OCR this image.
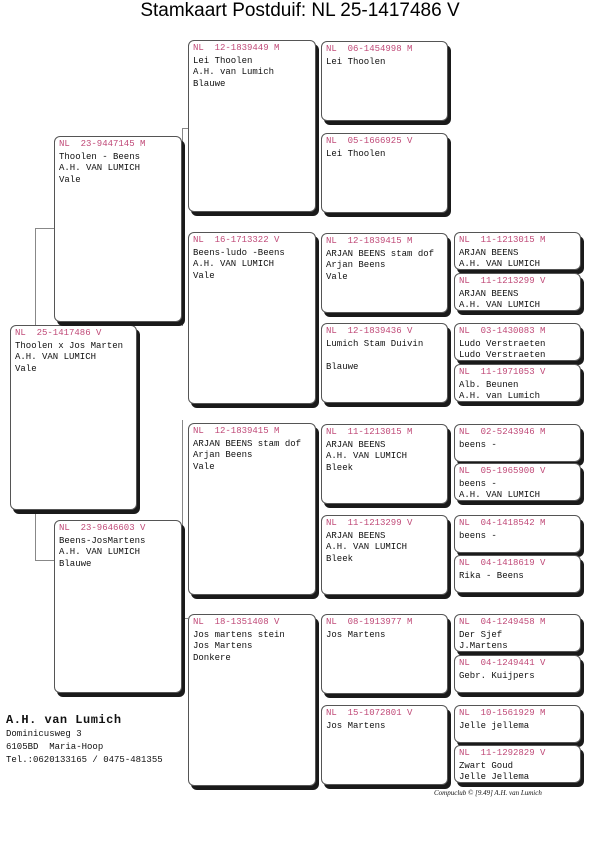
Stamkaart Postduif: NL 25-1417486 V
NL  25-1417486 V
Thoolen x Jos Marten
A.H. VAN LUMICH
Vale
NL  23-9447145 M
Thoolen - Beens
A.H. VAN LUMICH
Vale
NL  23-9646603 V
Beens-JosMartens
A.H. VAN LUMICH
Blauwe
NL  12-1839449 M
Lei Thoolen
A.H. van Lumich
Blauwe
NL  16-1713322 V
Beens-ludo -Beens
A.H. VAN LUMICH
Vale
NL  12-1839415 M
ARJAN BEENS stam dof
Arjan Beens
Vale
NL  18-1351408 V
Jos martens stein
Jos Martens
Donkere
NL  06-1454998 M
Lei Thoolen
NL  05-1666925 V
Lei Thoolen
NL  12-1839415 M
ARJAN BEENS stam dof
Arjan Beens
Vale
NL  12-1839436 V
Lumich Stam Duivin
Blauwe
NL  11-1213015 M
ARJAN BEENS
A.H. VAN LUMICH
Bleek
NL  11-1213299 V
ARJAN BEENS
A.H. VAN LUMICH
Bleek
NL  08-1913977 M
Jos Martens
NL  15-1072801 V
Jos Martens
NL  11-1213015 M
ARJAN BEENS
A.H. VAN LUMICH
NL  11-1213299 V
ARJAN BEENS
A.H. VAN LUMICH
NL  03-1430083 M
Ludo Verstraeten
Ludo Verstraeten
NL  11-1971053 V
Alb. Beunen
A.H. van Lumich
NL  02-5243946 M
beens -
NL  05-1965900 V
beens -
A.H. VAN LUMICH
NL  04-1418542 M
beens -
NL  04-1418619 V
Rika - Beens
NL  04-1249458 M
Der Sjef
J.Martens
NL  04-1249441 V
Gebr. Kuijpers
NL  10-1561929 M
Jelle jellema
NL  11-1292829 V
Zwart Goud
Jelle Jellema
A.H. van Lumich
Dominicusweg 3
6105BD  Maria-Hoop
Tel.:0620133165 / 0475-481355
Compuclub © [9.49] A.H. van Lumich
